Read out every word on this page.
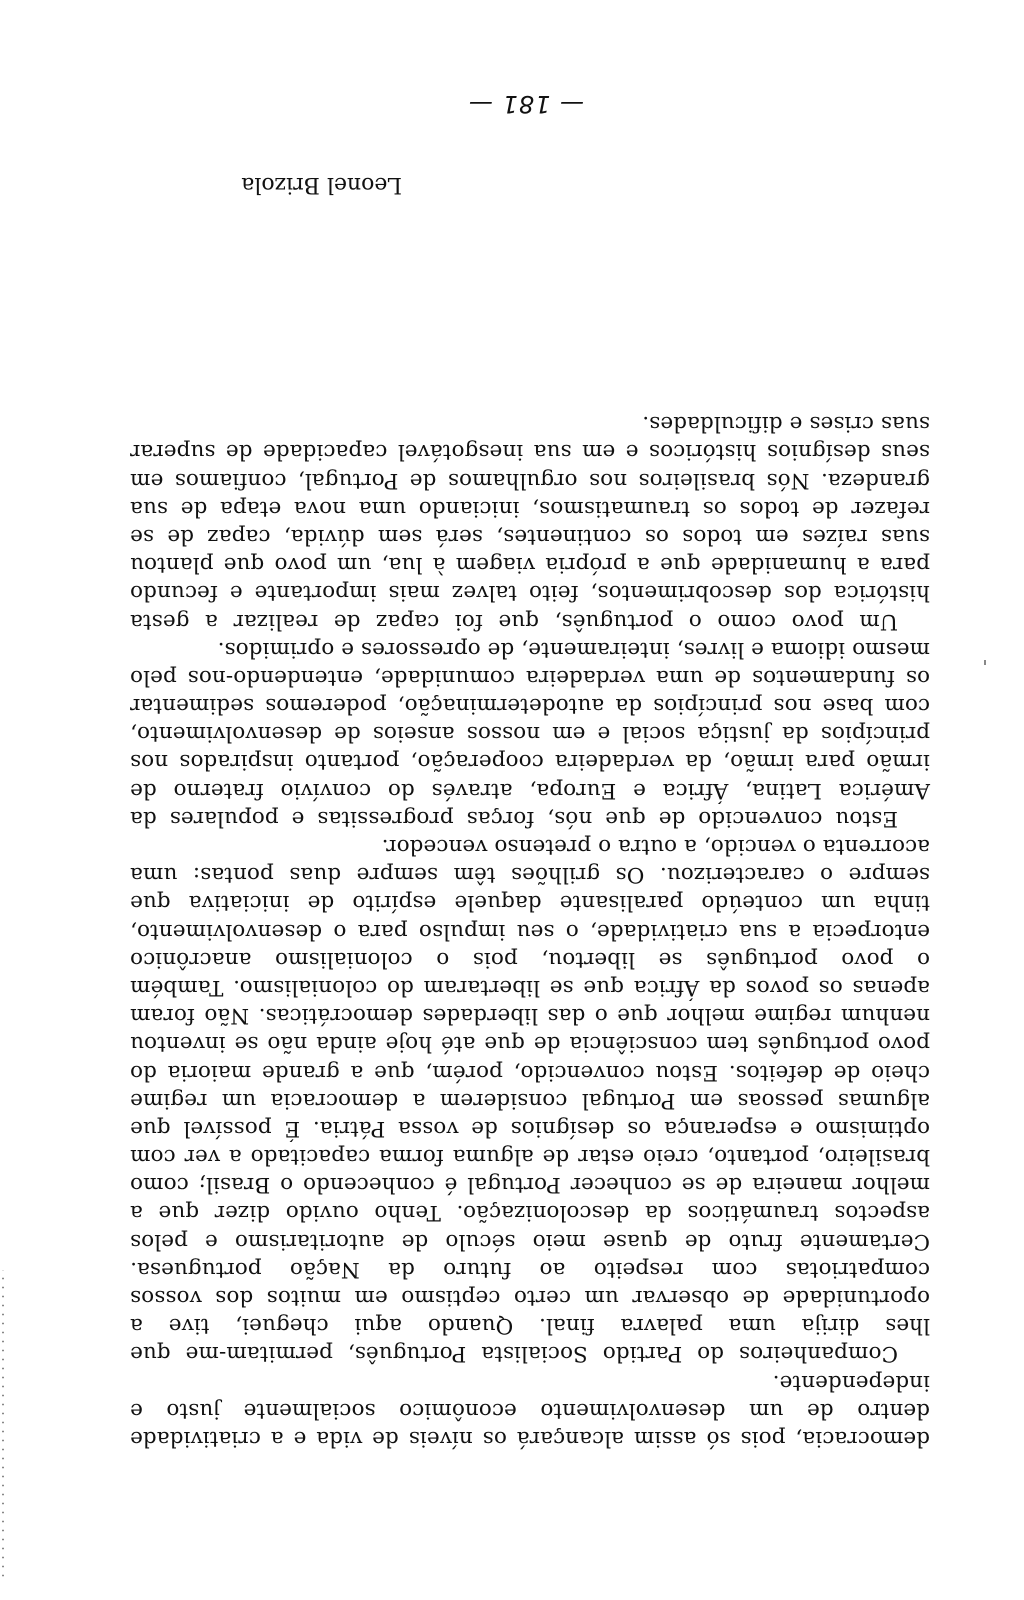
democracia, pois só assim alcançará os níveis de vida e a criatividade
dentro de um desenvolvimento econômico socialmente justo e
independente.
Companheiros do Partido Socialista Português, permitam-me que
lhes dirija uma palavra final. Quando aqui cheguei, tive a
oportunidade de observar um certo ceptismo em muitos dos vossos
compatriotas com respeito ao futuro da Nação portuguesa.
Certamente fruto de quase meio século de autoritarismo e pelos
aspectos traumáticos da descolonização. Tenho ouvido dizer que a
melhor maneira de se conhecer Portugal é conhecendo o Brasil; como
brasileiro, portanto, creio estar de alguma forma capacitado a ver com
optimismo e esperança os desígnios de vossa Pátria. É possível que
algumas pessoas em Portugal considerem a democracia um regime
cheio de defeitos. Estou convencido, porém, que a grande maioria do
povo português tem consciência de que até hoje ainda não se inventou
nenhum regime melhor que o das liberdades democráticas. Não foram
apenas os povos da África que se libertaram do colonialismo. Também
o povo português se libertou, pois o colonialismo anacrônico
entorpecia a sua criatividade, o seu impulso para o desenvolvimento,
tinha um conteúdo paralisante daquele espírito de iniciativa que
sempre o caracterizou. Os grilhões têm sempre duas pontas: uma
acorrenta o vencido, a outra o pretenso vencedor.
Estou convencido de que nós, forças progressitas e populares da
América Latina, África e Europa, através do convívio fraterno de
irmão para irmão, da verdadeira cooperação, portanto inspirados nos
princípios da justiça social e em nossos anseios de desenvolvimento,
com base nos princípios da autodeterminação, poderemos sedimentar
os fundamentos de uma verdadeira comunidade, entendendo-nos pelo
mesmo idioma e livres, inteiramente, de opressores e oprimidos.
Um povo como o português, que foi capaz de realizar a gesta
histórica dos descobrimentos, feito talvez mais importante e fecundo
para a humanidade que a própria viagem à lua, um povo que plantou
suas raízes em todos os continentes, será sem dúvida, capaz de se
refazer de todos os traumatismos, iniciando uma nova etapa de sua
grandeza. Nós brasileiros nos orgulhamos de Portugal, confiamos em
seus desígnios históricos e em sua inesgotável capacidade de superar
suas crises e dificuldades.
Leonel Brizola
— 181 —
